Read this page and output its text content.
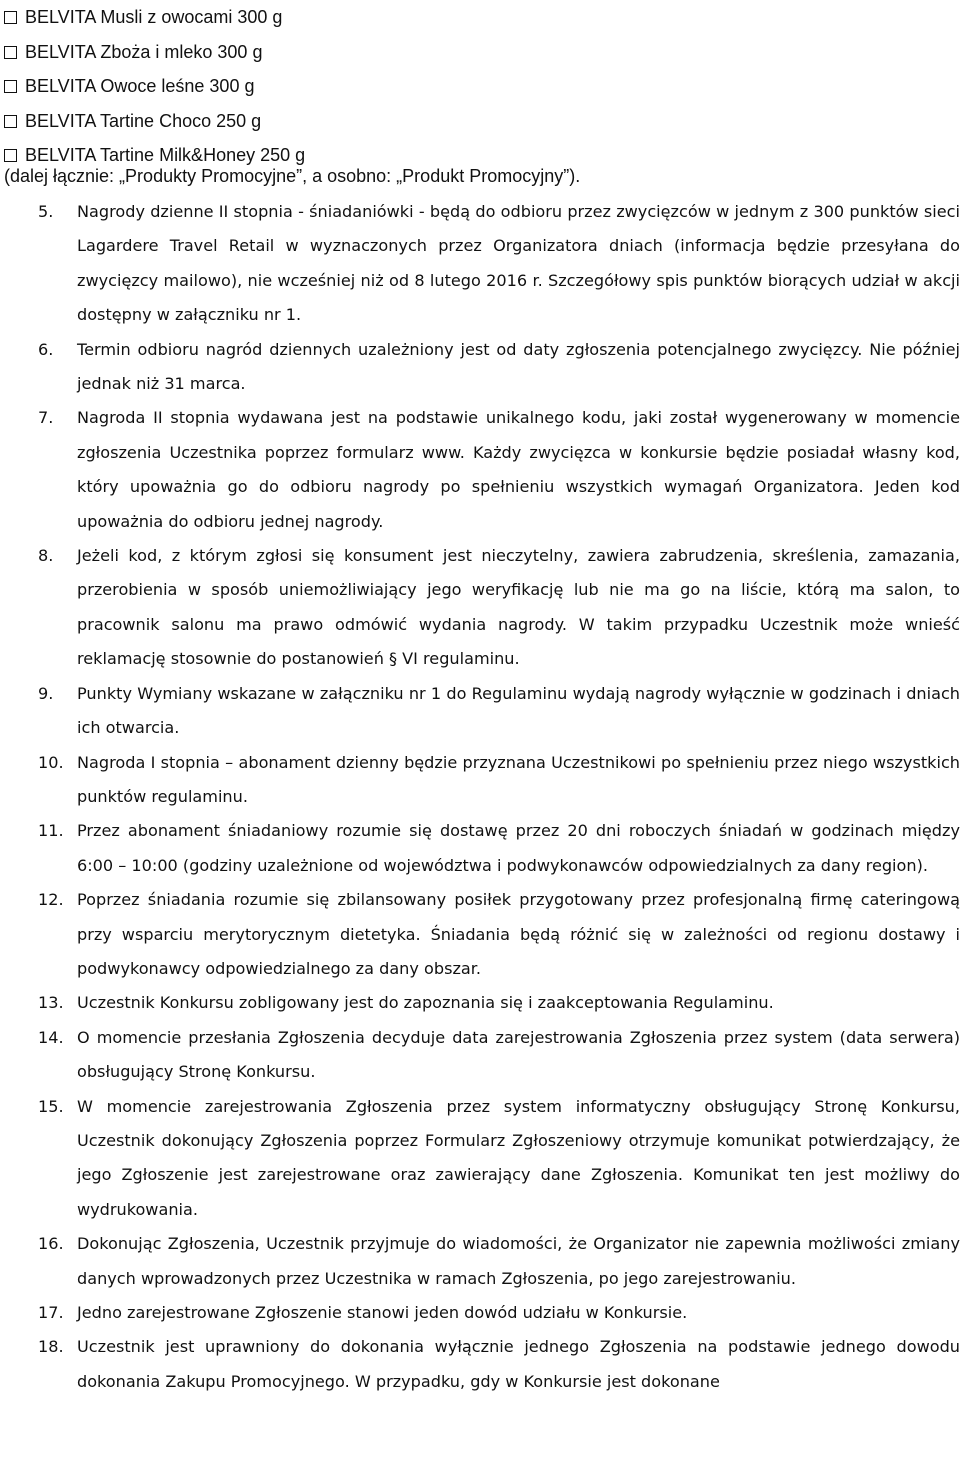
BELVITA Musli z owocami 300 g
BELVITA Zboża i mleko 300 g
BELVITA Owoce leśne 300 g
BELVITA Tartine Choco 250 g
BELVITA Tartine Milk&Honey 250 g
(dalej łącznie: „Produkty Promocyjne”, a osobno: „Produkt Promocyjny”).
5. Nagrody dzienne II stopnia - śniadaniówki - będą do odbioru przez zwycięzców w jednym z 300 punktów sieci Lagardere Travel Retail w wyznaczonych przez Organizatora dniach (informacja będzie przesyłana do zwycięzcy mailowo), nie wcześniej niż od 8 lutego 2016 r. Szczegółowy spis punktów biorących udział w akcji dostępny w załączniku nr 1.
6. Termin odbioru nagród dziennych uzależniony jest od daty zgłoszenia potencjalnego zwycięzcy. Nie później jednak niż 31 marca.
7. Nagroda II stopnia wydawana jest na podstawie unikalnego kodu, jaki został wygenerowany w momencie zgłoszenia Uczestnika poprzez formularz www. Każdy zwycięzca w konkursie będzie posiadał własny kod, który upoważnia go do odbioru nagrody po spełnieniu wszystkich wymagań Organizatora. Jeden kod upoważnia do odbioru jednej nagrody.
8. Jeżeli kod, z którym zgłosi się konsument jest nieczytelny, zawiera zabrudzenia, skreślenia, zamazania, przerobienia w sposób uniemożliwiający jego weryfikację lub nie ma go na liście, którą ma salon, to pracownik salonu ma prawo odmówić wydania nagrody. W takim przypadku Uczestnik może wnieść reklamację stosownie do postanowień § VI regulaminu.
9. Punkty Wymiany wskazane w załączniku nr 1 do Regulaminu wydają nagrody wyłącznie w godzinach i dniach ich otwarcia.
10. Nagroda I stopnia – abonament dzienny będzie przyznana Uczestnikowi po spełnieniu przez niego wszystkich punktów regulaminu.
11. Przez abonament śniadaniowy rozumie się dostawę przez 20 dni roboczych śniadań w godzinach między 6:00 – 10:00 (godziny uzależnione od województwa i podwykonawców odpowiedzialnych za dany region).
12. Poprzez śniadania rozumie się zbilansowany posiłek przygotowany przez profesjonalną firmę cateringową przy wsparciu merytorycznym dietetyka. Śniadania będą różnić się w zależności od regionu dostawy i podwykonawcy odpowiedzialnego za dany obszar.
13. Uczestnik Konkursu zobligowany jest do zapoznania się i zaakceptowania Regulaminu.
14. O momencie przesłania Zgłoszenia decyduje data zarejestrowania Zgłoszenia przez system (data serwera) obsługujący Stronę Konkursu.
15. W momencie zarejestrowania Zgłoszenia przez system informatyczny obsługujący Stronę Konkursu, Uczestnik dokonujący Zgłoszenia poprzez Formularz Zgłoszeniowy otrzymuje komunikat potwierdzający, że jego Zgłoszenie jest zarejestrowane oraz zawierający dane Zgłoszenia. Komunikat ten jest możliwy do wydrukowania.
16. Dokonując Zgłoszenia, Uczestnik przyjmuje do wiadomości, że Organizator nie zapewnia możliwości zmiany danych wprowadzonych przez Uczestnika w ramach Zgłoszenia, po jego zarejestrowaniu.
17. Jedno zarejestrowane Zgłoszenie stanowi jeden dowód udziału w Konkursie.
18. Uczestnik jest uprawniony do dokonania wyłącznie jednego Zgłoszenia na podstawie jednego dowodu dokonania Zakupu Promocyjnego. W przypadku, gdy w Konkursie jest dokonane
